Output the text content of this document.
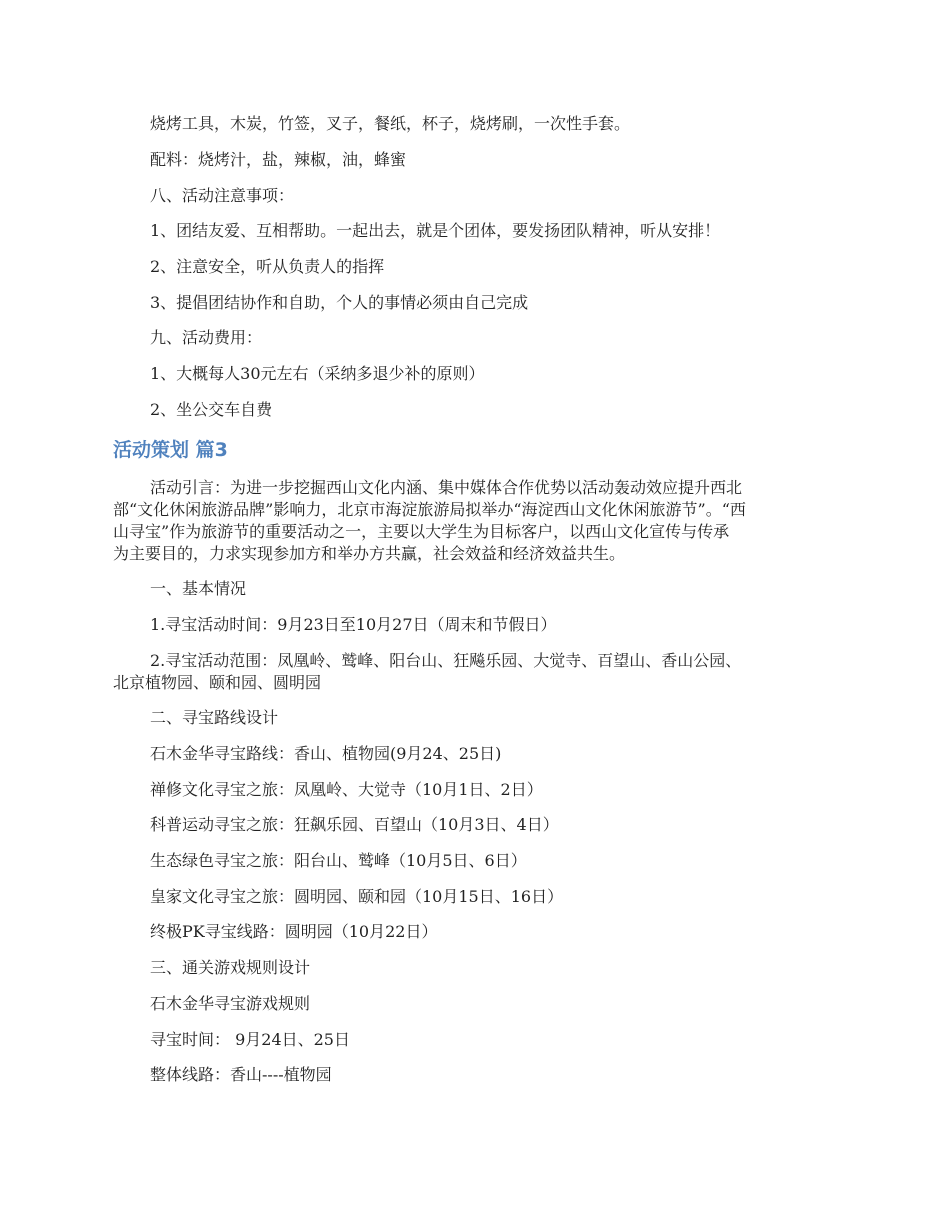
烧烤工具，木炭，竹签，叉子，餐纸，杯子，烧烤刷，一次性手套。
配料：烧烤汁，盐，辣椒，油，蜂蜜
八、活动注意事项：
1、团结友爱、互相帮助。一起出去，就是个团体，要发扬团队精神，听从安排！
2、注意安全，听从负责人的指挥
3、提倡团结协作和自助，个人的事情必须由自己完成
九、活动费用：
1、大概每人30元左右（采纳多退少补的原则）
2、坐公交车自费
活动策划 篇3
活动引言：为进一步挖掘西山文化内涵、集中媒体合作优势以活动轰动效应提升西北
部“文化休闲旅游品牌”影响力，北京市海淀旅游局拟举办“海淀西山文化休闲旅游节”。“西
山寻宝”作为旅游节的重要活动之一，主要以大学生为目标客户，以西山文化宣传与传承
为主要目的，力求实现参加方和举办方共赢，社会效益和经济效益共生。
一、基本情况
1.寻宝活动时间：9月23日至10月27日（周末和节假日）
2.寻宝活动范围：凤凰岭、鹫峰、阳台山、狂飚乐园、大觉寺、百望山、香山公园、
北京植物园、颐和园、圆明园
二、寻宝路线设计
石木金华寻宝路线：香山、植物园(9月24、25日)
禅修文化寻宝之旅：凤凰岭、大觉寺（10月1日、2日）
科普运动寻宝之旅：狂飙乐园、百望山（10月3日、4日）
生态绿色寻宝之旅：阳台山、鹫峰（10月5日、6日）
皇家文化寻宝之旅：圆明园、颐和园（10月15日、16日）
终极PK寻宝线路：圆明园（10月22日）
三、通关游戏规则设计
石木金华寻宝游戏规则
寻宝时间： 9月24日、25日
整体线路：香山----植物园
